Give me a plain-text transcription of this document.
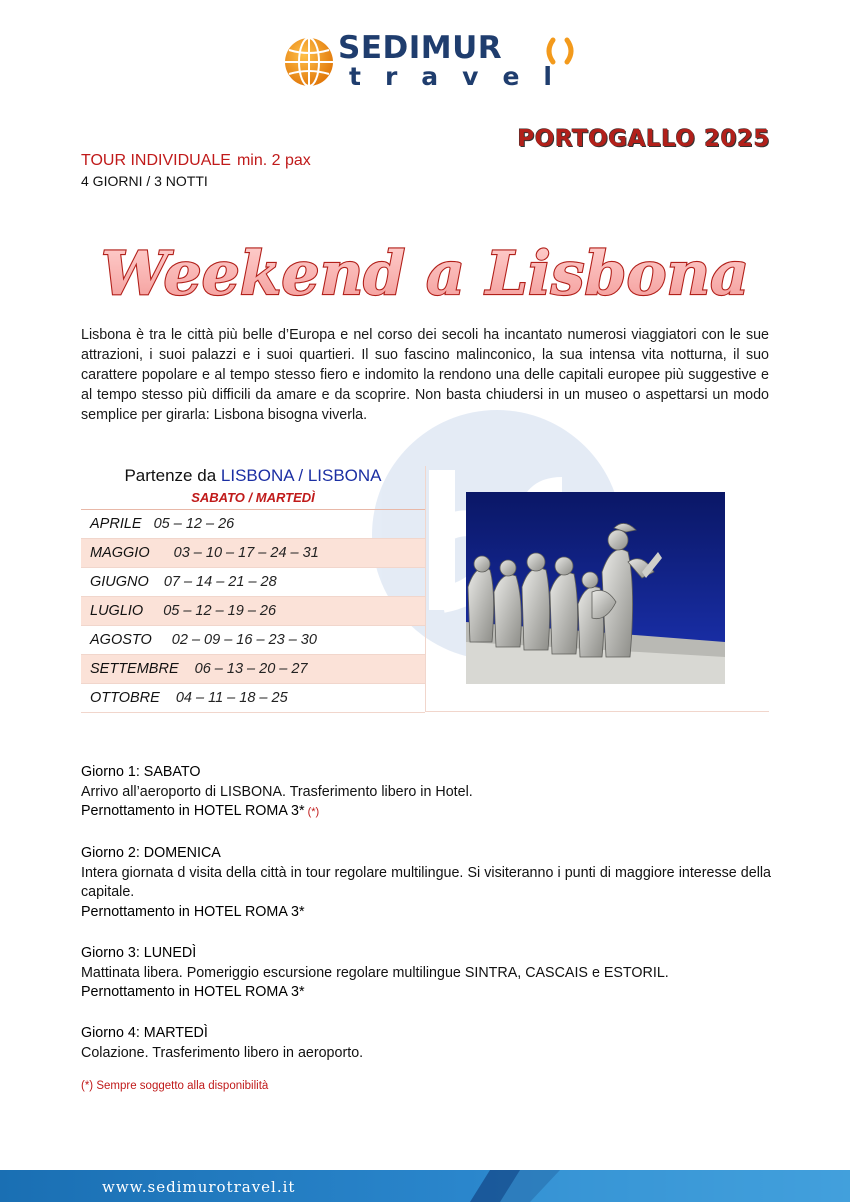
SEDIMUR
travel
PORTOGALLO 2025
TOUR INDIVIDUALE min. 2 pax
4 GIORNI / 3 NOTTI
Weekend a Lisbona

Lisbona è tra le città più belle d’Europa e nel corso dei secoli ha incantato numerosi viaggiatori con le sue attrazioni, i suoi palazzi e i suoi quartieri. Il suo fascino malinconico, la sua intensa vita notturna, il suo carattere popolare e al tempo stesso fiero e indomito la rendono una delle capitali europee più suggestive e al tempo stesso più difficili da amare e da scoprire. Non basta chiudersi in un museo o aspettarsi un modo semplice per girarla: Lisbona bisogna viverla.

Partenze da LISBONA / LISBONA
SABATO / MARTEDÌ
APRILE 05 – 12 – 26
MAGGIO 03 – 10 – 17 – 24 – 31
GIUGNO 07 – 14 – 21 – 28
LUGLIO 05 – 12 – 19 – 26
AGOSTO 02 – 09 – 16 – 23 – 30
SETTEMBRE 06 – 13 – 20 – 27
OTTOBRE 04 – 11 – 18 – 25
Giorno 1: SABATO

Arrivo all’aeroporto di LISBONA. Trasferimento libero in Hotel.

Pernottamento in HOTEL ROMA 3* (*)
Giorno 2: DOMENICA

Intera giornata d visita della città in tour regolare multilingue. Si visiteranno i punti di maggiore interesse della capitale.

Pernottamento in HOTEL ROMA 3*
Giorno 3: LUNEDÌ

Mattinata libera. Pomeriggio escursione regolare multilingue SINTRA, CASCAIS e ESTORIL.

Pernottamento in HOTEL ROMA 3*
Giorno 4: MARTEDÌ

Colazione. Trasferimento libero in aeroporto.

(*) Sempre soggetto alla disponibilità
www.sedimurotravel.it
